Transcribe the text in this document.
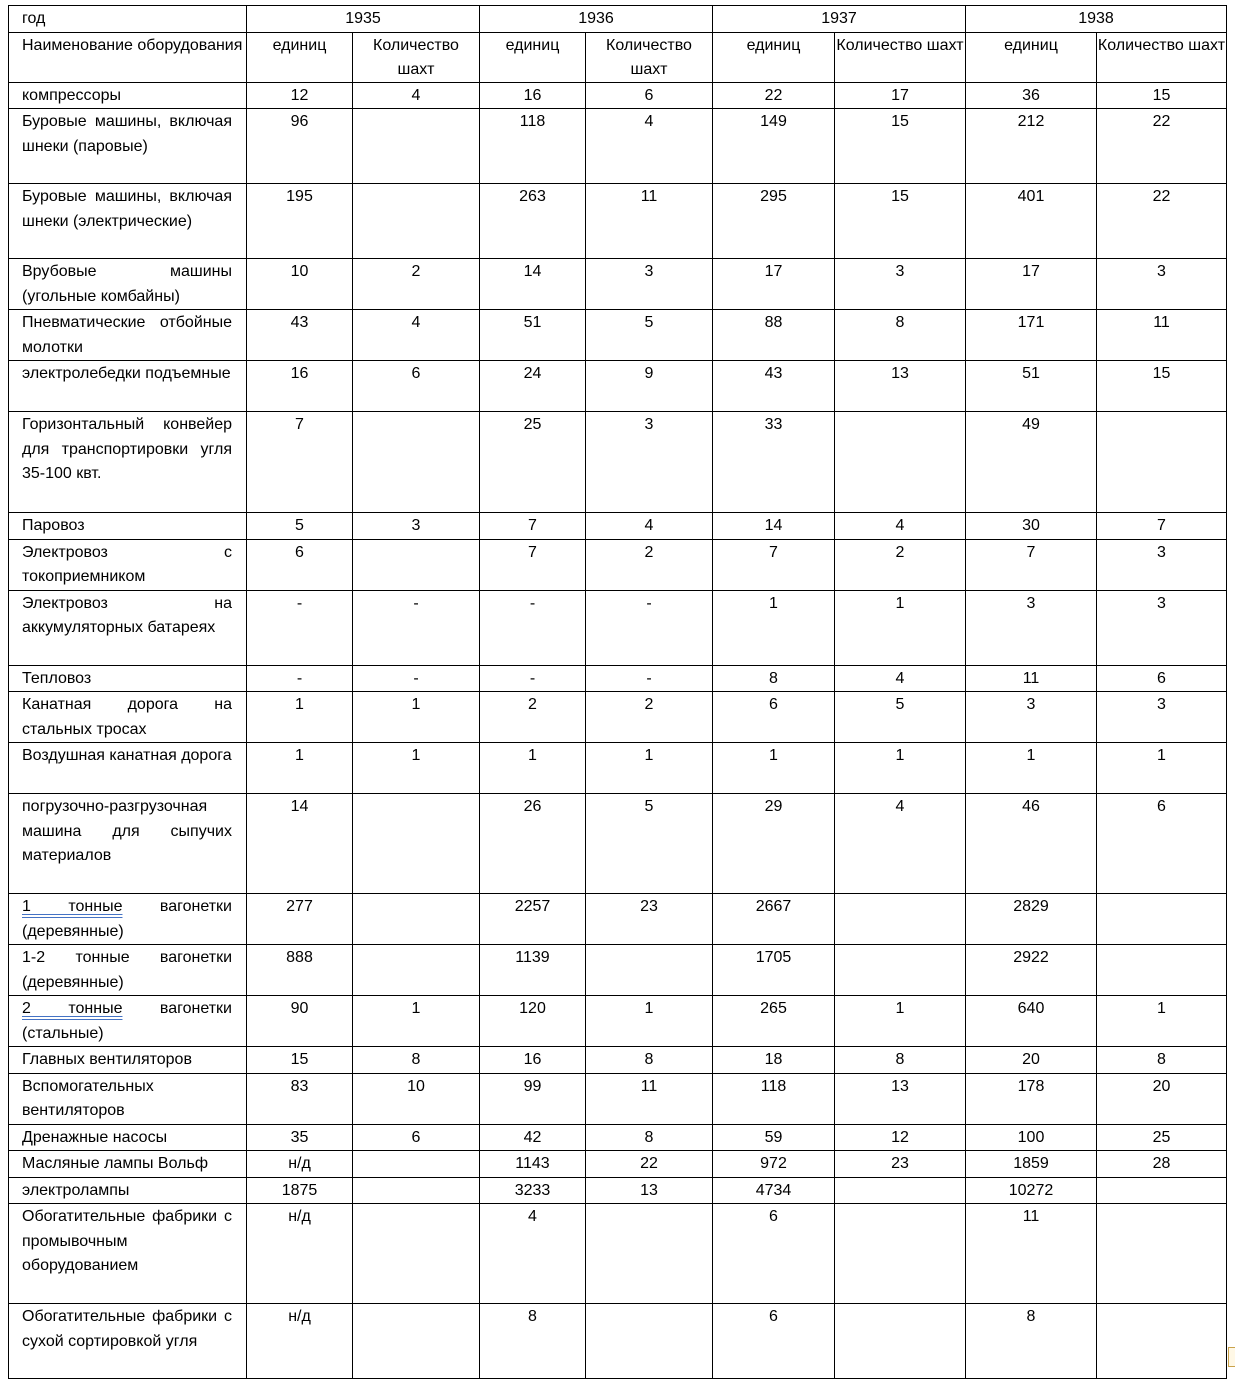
год	1935		1936		1937		1938	
Наименование оборудования	единиц	Количество шахт	единиц	Количество шахт	единиц	Количество шахт	единиц	Количество шахт
компрессоры	12	4	16	6	22	17	36	15
Буровые машины, включая шнеки (паровые)	96		118	4	149	15	212	22
Буровые машины, включая шнеки (электрические)	195		263	11	295	15	401	22
Врубовые машины (угольные комбайны)	10	2	14	3	17	3	17	3
Пневматические отбойные молотки	43	4	51	5	88	8	171	11
электролебедки подъемные	16	6	24	9	43	13	51	15
Горизонтальный конвейер для транспортировки угля 35-100 квт.	7		25	3	33		49	
Паровоз	5	3	7	4	14	4	30	7
Электровоз с токоприемником	6		7	2	7	2	7	3
Электровоз на аккумуляторных батареях	-	-	-	-	1	1	3	3
Тепловоз	-	-	-	-	8	4	11	6
Канатная дорога на стальных тросах	1	1	2	2	6	5	3	3
Воздушная канатная дорога	1	1	1	1	1	1	1	1
погрузочно-разгрузочная машина для сыпучих материалов	14		26	5	29	4	46	6
1 тонные вагонетки (деревянные)	277		2257	23	2667		2829	
1-2 тонные вагонетки (деревянные)	888		1139		1705		2922	
2 тонные вагонетки (стальные)	90	1	120	1	265	1	640	1
Главных вентиляторов	15	8	16	8	18	8	20	8
Вспомогательных вентиляторов	83	10	99	11	118	13	178	20
Дренажные насосы	35	6	42	8	59	12	100	25
Масляные лампы Вольф	н/д		1143	22	972	23	1859	28
электролампы	1875		3233	13	4734		10272	
Обогатительные фабрики с промывочным оборудованием	н/д		4		6		11	
Обогатительные фабрики с сухой сортировкой угля	н/д		8		6		8	
